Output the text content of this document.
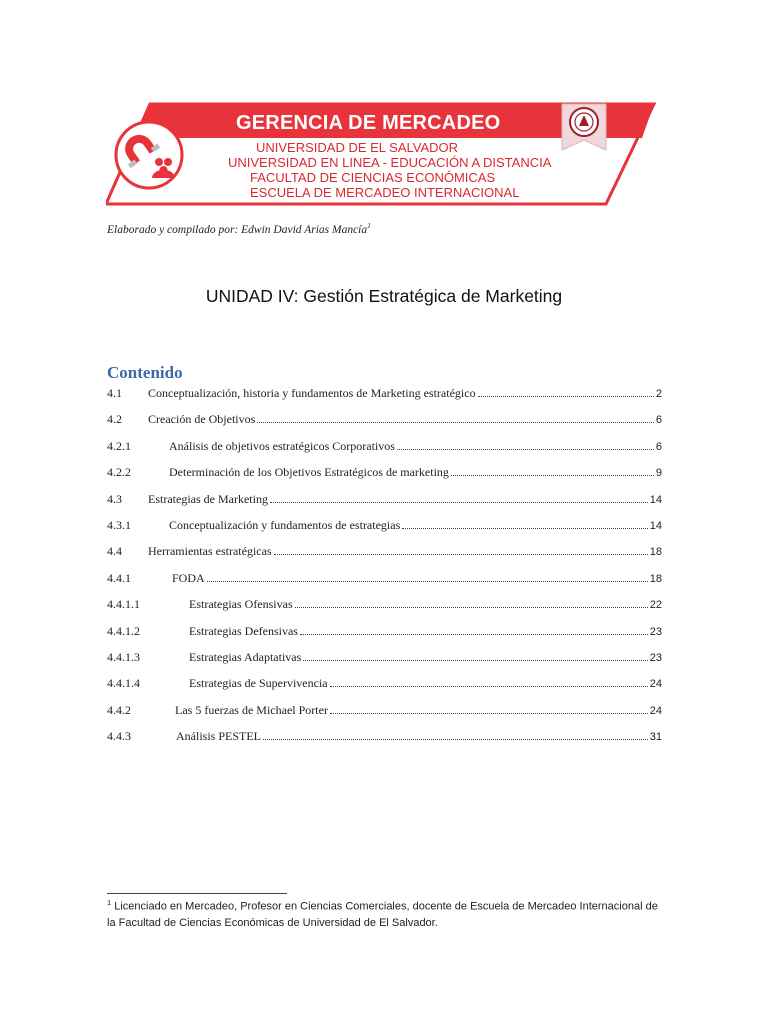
GERENCIA DE MERCADEO
UNIVERSIDAD DE EL SALVADOR
UNIVERSIDAD EN LINEA - EDUCACIÓN A DISTANCIA
FACULTAD DE CIENCIAS ECONÓMICAS
ESCUELA DE MERCADEO INTERNACIONAL
Elaborado y compilado por: Edwin David Arias Mancía$^1$
UNIDAD IV: Gestión Estratégica de Marketing
Contenido
4.1 Conceptualización, historia y fundamentos de Marketing estratégico	2
4.2 Creación de Objetivos	6
4.2.1	Análisis de objetivos estratégicos Corporativos	6
4.2.2	Determinación de los Objetivos Estratégicos de marketing	9
4.3 Estrategias de Marketing	14
4.3.1	Conceptualización y fundamentos de estrategias	14
4.4 Herramientas estratégicas	18
4.4.1	FODA	18
4.4.1.1	Estrategias Ofensivas	22
4.4.1.2	Estrategias Defensivas	23
4.4.1.3	Estrategias Adaptativas	23
4.4.1.4	Estrategias de Supervivencia	24
4.4.2	Las 5 fuerzas de Michael Porter	24
4.4.3	Análisis PESTEL	31
$^1$ Licenciado en Mercadeo, Profesor en Ciencias Comerciales, docente de Escuela de Mercadeo Internacional de la Facultad de Ciencias Económicas de Universidad de El Salvador.
